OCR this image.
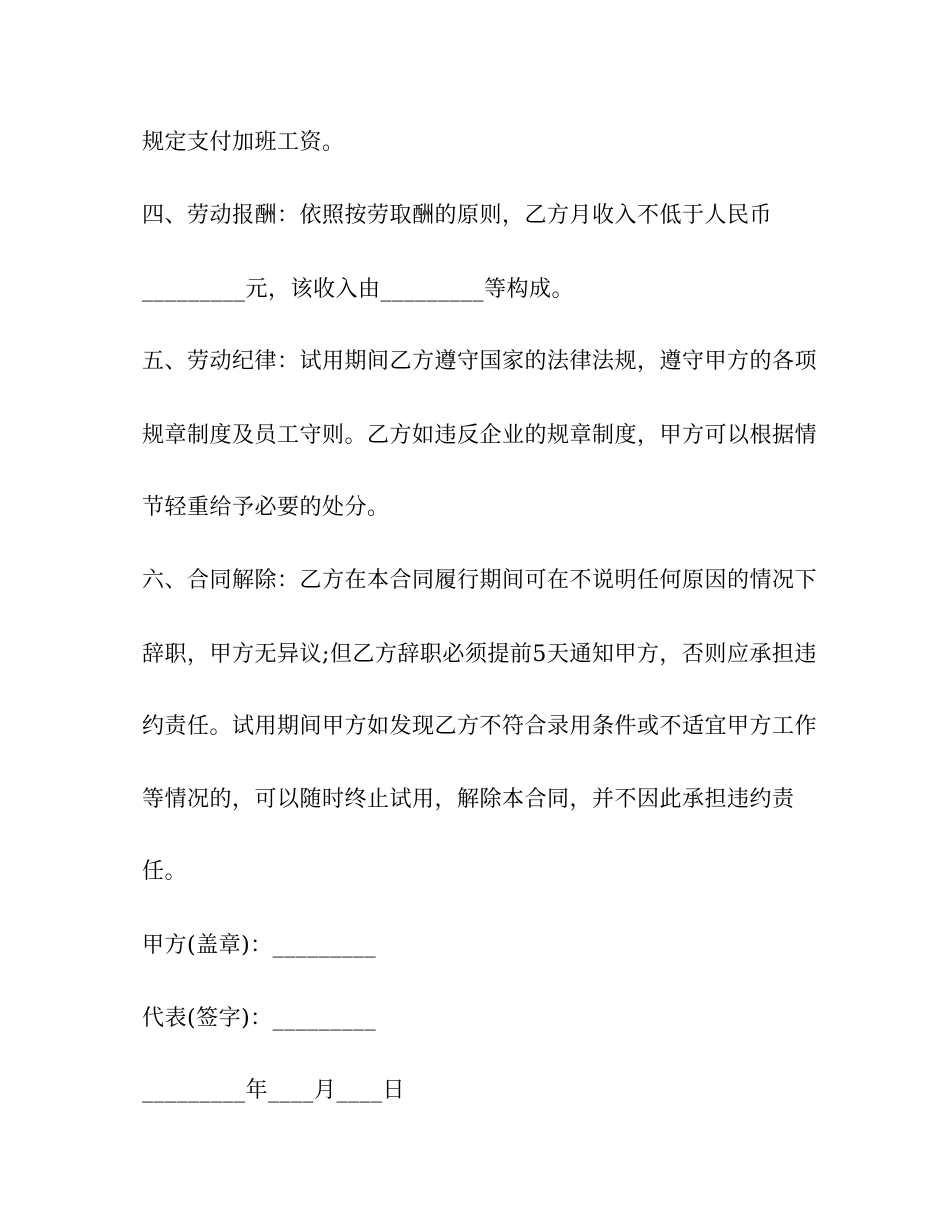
规定支付加班工资。
四、劳动报酬：依照按劳取酬的原则，乙方月收入不低于人民币
_________元，该收入由_________等构成。
五、劳动纪律：试用期间乙方遵守国家的法律法规，遵守甲方的各项
规章制度及员工守则。乙方如违反企业的规章制度，甲方可以根据情
节轻重给予必要的处分。
六、合同解除：乙方在本合同履行期间可在不说明任何原因的情况下
辞职，甲方无异议;但乙方辞职必须提前5天通知甲方，否则应承担违
约责任。试用期间甲方如发现乙方不符合录用条件或不适宜甲方工作
等情况的，可以随时终止试用，解除本合同，并不因此承担违约责
任。
甲方(盖章)：_________
代表(签字)：_________
_________年____月____日
